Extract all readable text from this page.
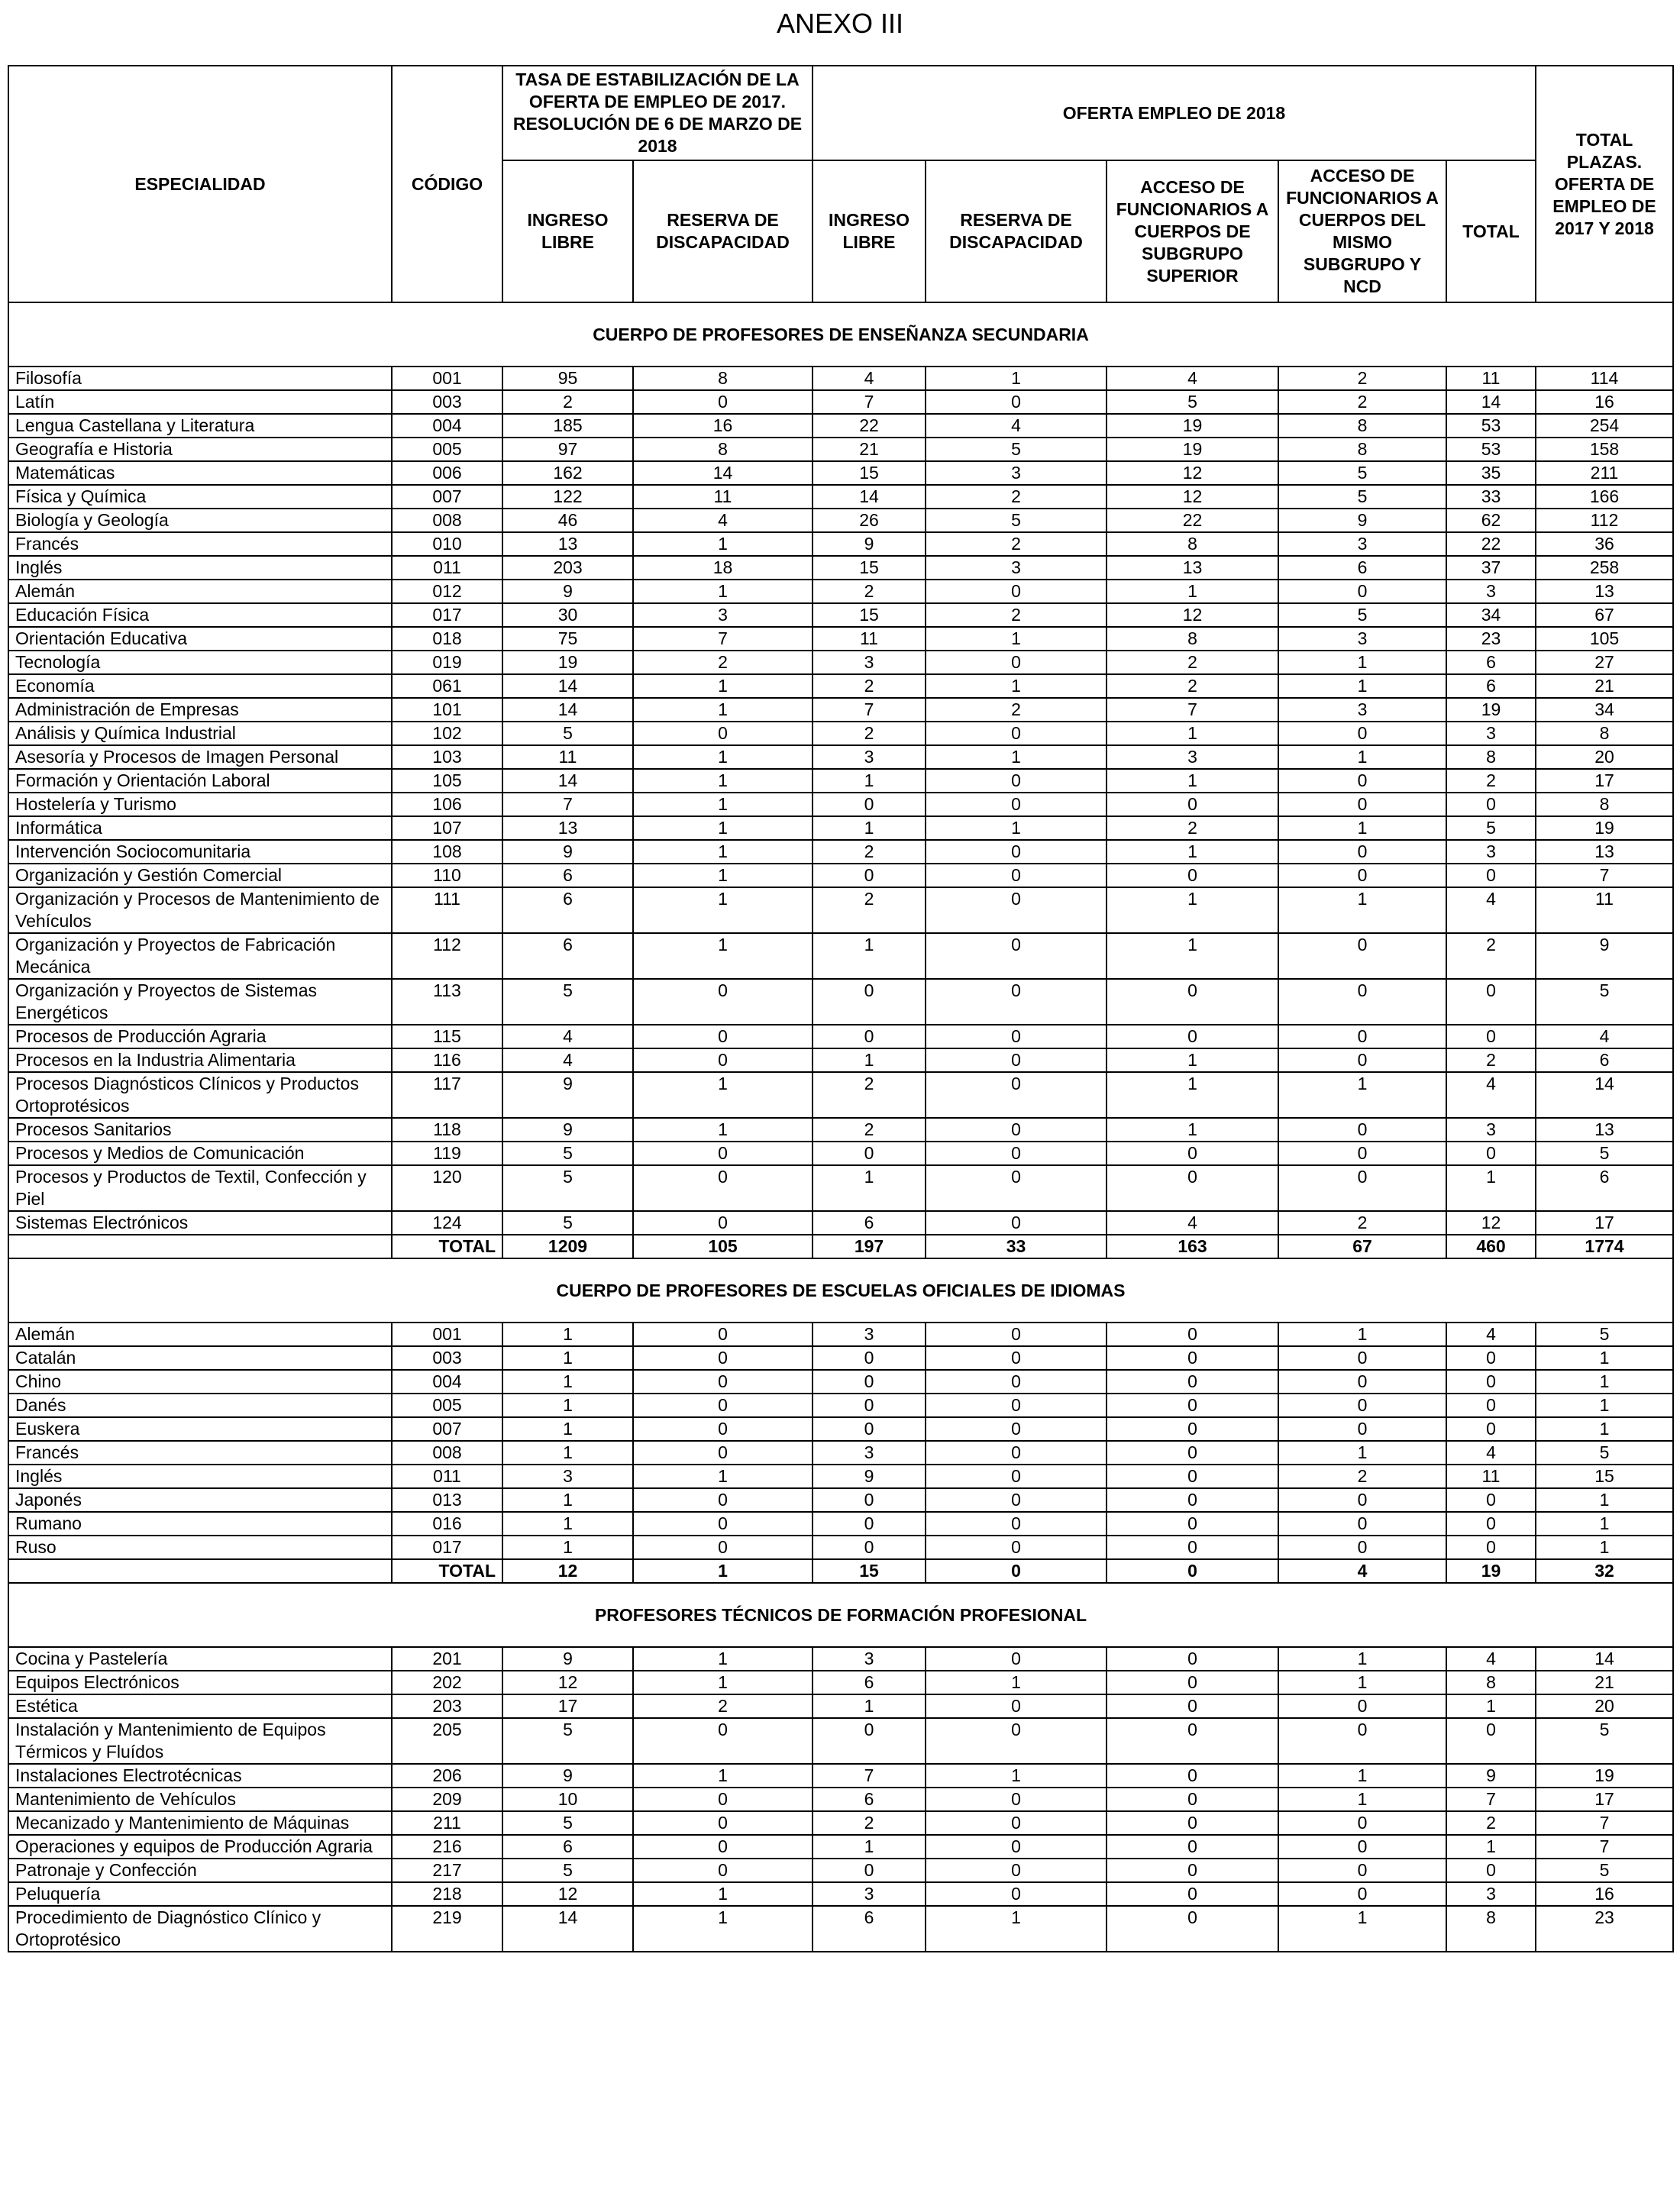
ANEXO III
ESPECIALIDAD	CÓDIGO	TASA DE ESTABILIZACIÓN DE LA OFERTA DE EMPLEO DE 2017. RESOLUCIÓN DE 6 DE MARZO DE 2018		OFERTA EMPLEO DE 2018					TOTAL PLAZAS. OFERTA DE EMPLEO DE 2017 Y 2018
		INGRESO LIBRE	RESERVA DE DISCAPACIDAD	INGRESO LIBRE	RESERVA DE DISCAPACIDAD	ACCESO DE FUNCIONARIOS A CUERPOS DE SUBGRUPO SUPERIOR	ACCESO DE FUNCIONARIOS A CUERPOS DEL MISMO SUBGRUPO Y NCD	TOTAL	
CUERPO DE PROFESORES DE ENSEÑANZA SECUNDARIA									
Filosofía	001	95	8	4	1	4	2	11	114
Latín	003	2	0	7	0	5	2	14	16
Lengua Castellana y Literatura	004	185	16	22	4	19	8	53	254
Geografía e Historia	005	97	8	21	5	19	8	53	158
Matemáticas	006	162	14	15	3	12	5	35	211
Física y Química	007	122	11	14	2	12	5	33	166
Biología y Geología	008	46	4	26	5	22	9	62	112
Francés	010	13	1	9	2	8	3	22	36
Inglés	011	203	18	15	3	13	6	37	258
Alemán	012	9	1	2	0	1	0	3	13
Educación Física	017	30	3	15	2	12	5	34	67
Orientación Educativa	018	75	7	11	1	8	3	23	105
Tecnología	019	19	2	3	0	2	1	6	27
Economía	061	14	1	2	1	2	1	6	21
Administración de Empresas	101	14	1	7	2	7	3	19	34
Análisis y Química Industrial	102	5	0	2	0	1	0	3	8
Asesoría y Procesos de Imagen Personal	103	11	1	3	1	3	1	8	20
Formación y Orientación Laboral	105	14	1	1	0	1	0	2	17
Hostelería y Turismo	106	7	1	0	0	0	0	0	8
Informática	107	13	1	1	1	2	1	5	19
Intervención Sociocomunitaria	108	9	1	2	0	1	0	3	13
Organización y Gestión Comercial	110	6	1	0	0	0	0	0	7
Organización y Procesos de Mantenimiento de Vehículos	111	6	1	2	0	1	1	4	11
Organización y Proyectos de Fabricación Mecánica	112	6	1	1	0	1	0	2	9
Organización y Proyectos de Sistemas Energéticos	113	5	0	0	0	0	0	0	5
Procesos de Producción Agraria	115	4	0	0	0	0	0	0	4
Procesos en la Industria Alimentaria	116	4	0	1	0	1	0	2	6
Procesos Diagnósticos Clínicos y Productos Ortoprotésicos	117	9	1	2	0	1	1	4	14
Procesos Sanitarios	118	9	1	2	0	1	0	3	13
Procesos y Medios de Comunicación	119	5	0	0	0	0	0	0	5
Procesos y Productos de Textil, Confección y Piel	120	5	0	1	0	0	0	1	6
Sistemas Electrónicos	124	5	0	6	0	4	2	12	17
	TOTAL	1209	105	197	33	163	67	460	1774
CUERPO DE PROFESORES DE ESCUELAS OFICIALES DE IDIOMAS									
Alemán	001	1	0	3	0	0	1	4	5
Catalán	003	1	0	0	0	0	0	0	1
Chino	004	1	0	0	0	0	0	0	1
Danés	005	1	0	0	0	0	0	0	1
Euskera	007	1	0	0	0	0	0	0	1
Francés	008	1	0	3	0	0	1	4	5
Inglés	011	3	1	9	0	0	2	11	15
Japonés	013	1	0	0	0	0	0	0	1
Rumano	016	1	0	0	0	0	0	0	1
Ruso	017	1	0	0	0	0	0	0	1
	TOTAL	12	1	15	0	0	4	19	32
PROFESORES TÉCNICOS DE FORMACIÓN PROFESIONAL									
Cocina y Pastelería	201	9	1	3	0	0	1	4	14
Equipos Electrónicos	202	12	1	6	1	0	1	8	21
Estética	203	17	2	1	0	0	0	1	20
Instalación y Mantenimiento de Equipos Térmicos y Fluídos	205	5	0	0	0	0	0	0	5
Instalaciones Electrotécnicas	206	9	1	7	1	0	1	9	19
Mantenimiento de Vehículos	209	10	0	6	0	0	1	7	17
Mecanizado y Mantenimiento de Máquinas	211	5	0	2	0	0	0	2	7
Operaciones y equipos de Producción Agraria	216	6	0	1	0	0	0	1	7
Patronaje y Confección	217	5	0	0	0	0	0	0	5
Peluquería	218	12	1	3	0	0	0	3	16
Procedimiento de Diagnóstico Clínico y Ortoprotésico	219	14	1	6	1	0	1	8	23
